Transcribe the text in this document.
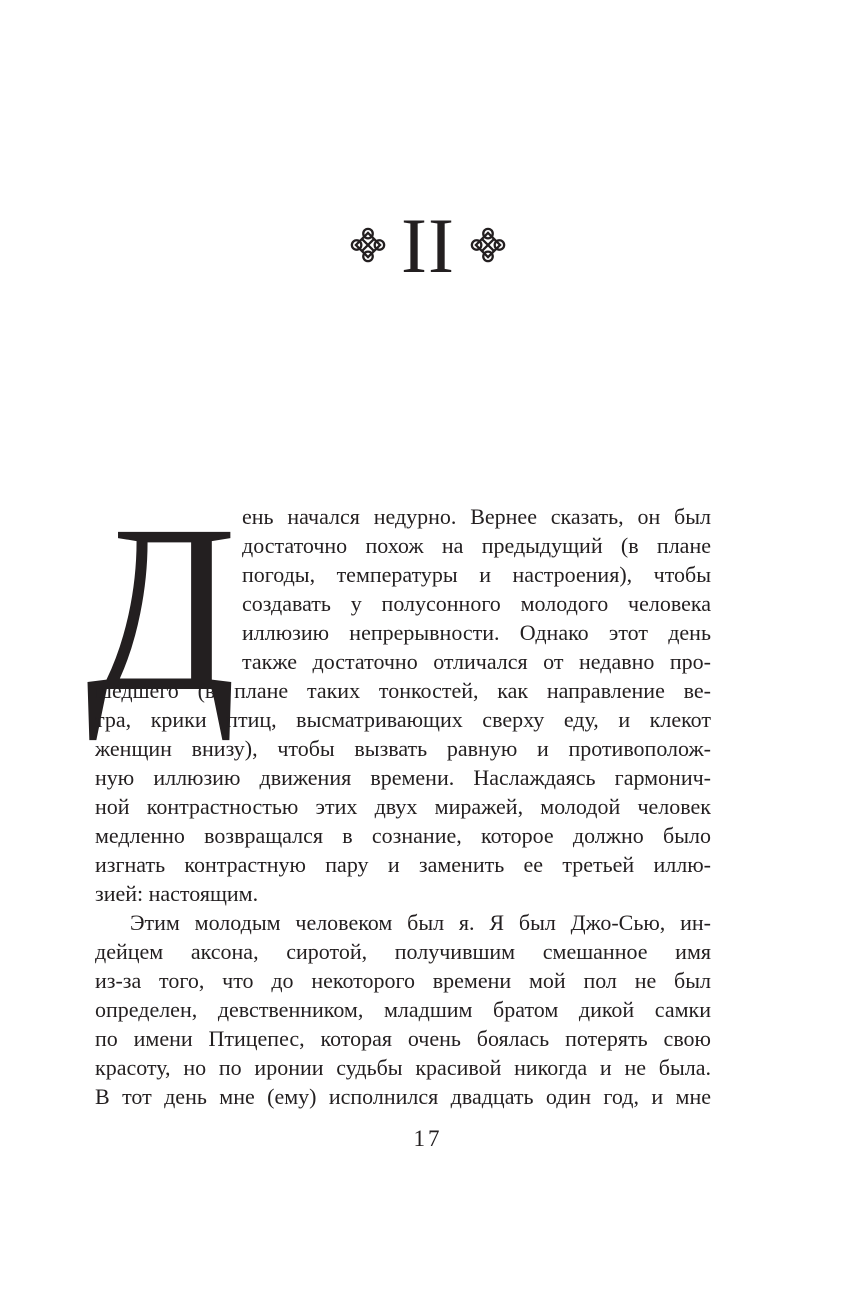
II
Д ень начался недурно. Вернее сказать, он был
достаточно похож на предыдущий (в плане
погоды, температуры и настроения), чтобы
создавать у полусонного молодого человека
иллюзию непрерывности. Однако этот день
также достаточно отличался от недавно про-
шедшего (в плане таких тонкостей, как направление ве-
тра, крики птиц, высматривающих сверху еду, и клекот
женщин внизу), чтобы вызвать равную и противополож-
ную иллюзию движения времени. Наслаждаясь гармонич-
ной контрастностью этих двух миражей, молодой человек
медленно возвращался в сознание, которое должно было
изгнать контрастную пару и заменить ее третьей иллю-
зией: настоящим.
Этим молодым человеком был я. Я был Джо-Сью, ин-
дейцем аксона, сиротой, получившим смешанное имя
из-за того, что до некоторого времени мой пол не был
определен, девственником, младшим братом дикой самки
по имени Птицепес, которая очень боялась потерять свою
красоту, но по иронии судьбы красивой никогда и не была.
В тот день мне (ему) исполнился двадцать один год, и мне
17
